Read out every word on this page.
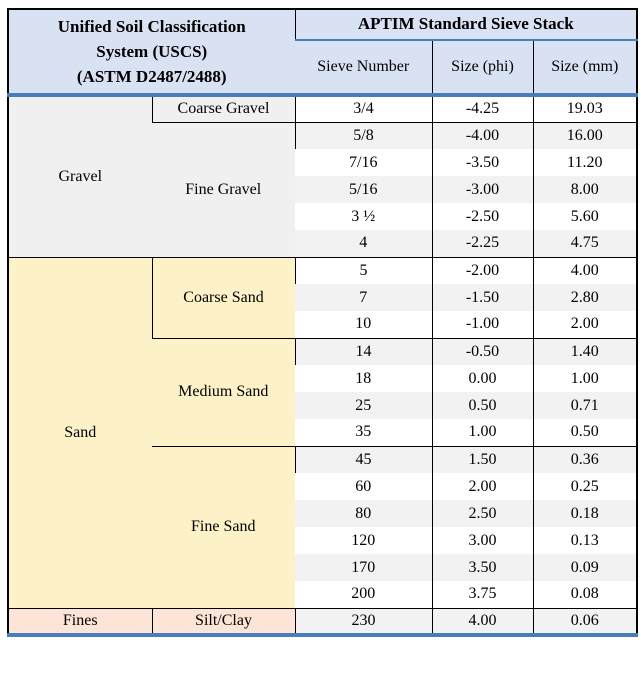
Unified Soil Classification
System (USCS)
(ASTM D2487/2488)		APTIM Standard Sieve Stack		
		Sieve Number	Size (phi)	Size (mm)
Gravel	Coarse Gravel	3/4	-4.25	19.03
	Fine Gravel	5/8	-4.00	16.00
		7/16	-3.50	11.20
		5/16	-3.00	8.00
		3 ½	-2.50	5.60
		4	-2.25	4.75
Sand	Coarse Sand	5	-2.00	4.00
		7	-1.50	2.80
		10	-1.00	2.00
	Medium Sand	14	-0.50	1.40
		18	0.00	1.00
		25	0.50	0.71
		35	1.00	0.50
	Fine Sand	45	1.50	0.36
		60	2.00	0.25
		80	2.50	0.18
		120	3.00	0.13
		170	3.50	0.09
		200	3.75	0.08
Fines	Silt/Clay	230	4.00	0.06
